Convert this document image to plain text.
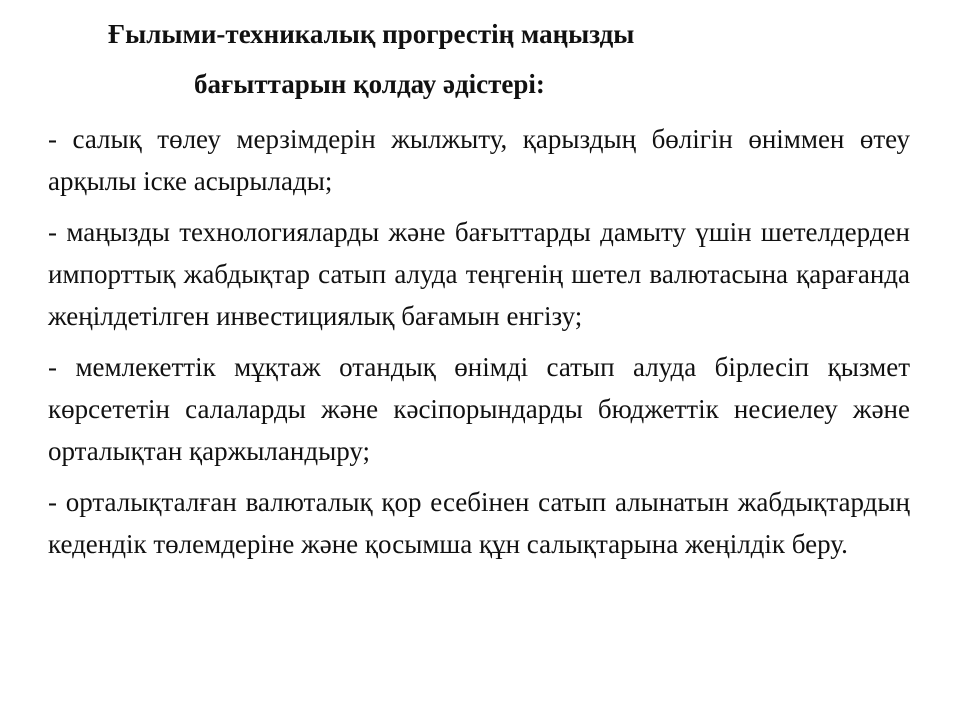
Ғылыми-техникалық прогрестің маңызды
бағыттарын қолдау әдістері:

- салық төлеу мерзімдерін жылжыту, қарыздың бөлігін өніммен өтеу арқылы іске асырылады;

- маңызды технологияларды және бағыттарды дамыту үшін шетелдерден импорттық жабдықтар сатып алуда теңгенің шетел валютасына қарағанда жеңілдетілген инвестициялық бағамын енгізу;

- мемлекеттік мұқтаж отандық өнімді сатып алуда бірлесіп қызмет көрсететін салаларды және кәсіпорындарды бюджеттік несиелеу және орталықтан қаржыландыру;

- орталықталған валюталық қор есебінен сатып алынатын жабдықтардың кедендік төлемдеріне және қосымша құн салықтарына жеңілдік беру.
